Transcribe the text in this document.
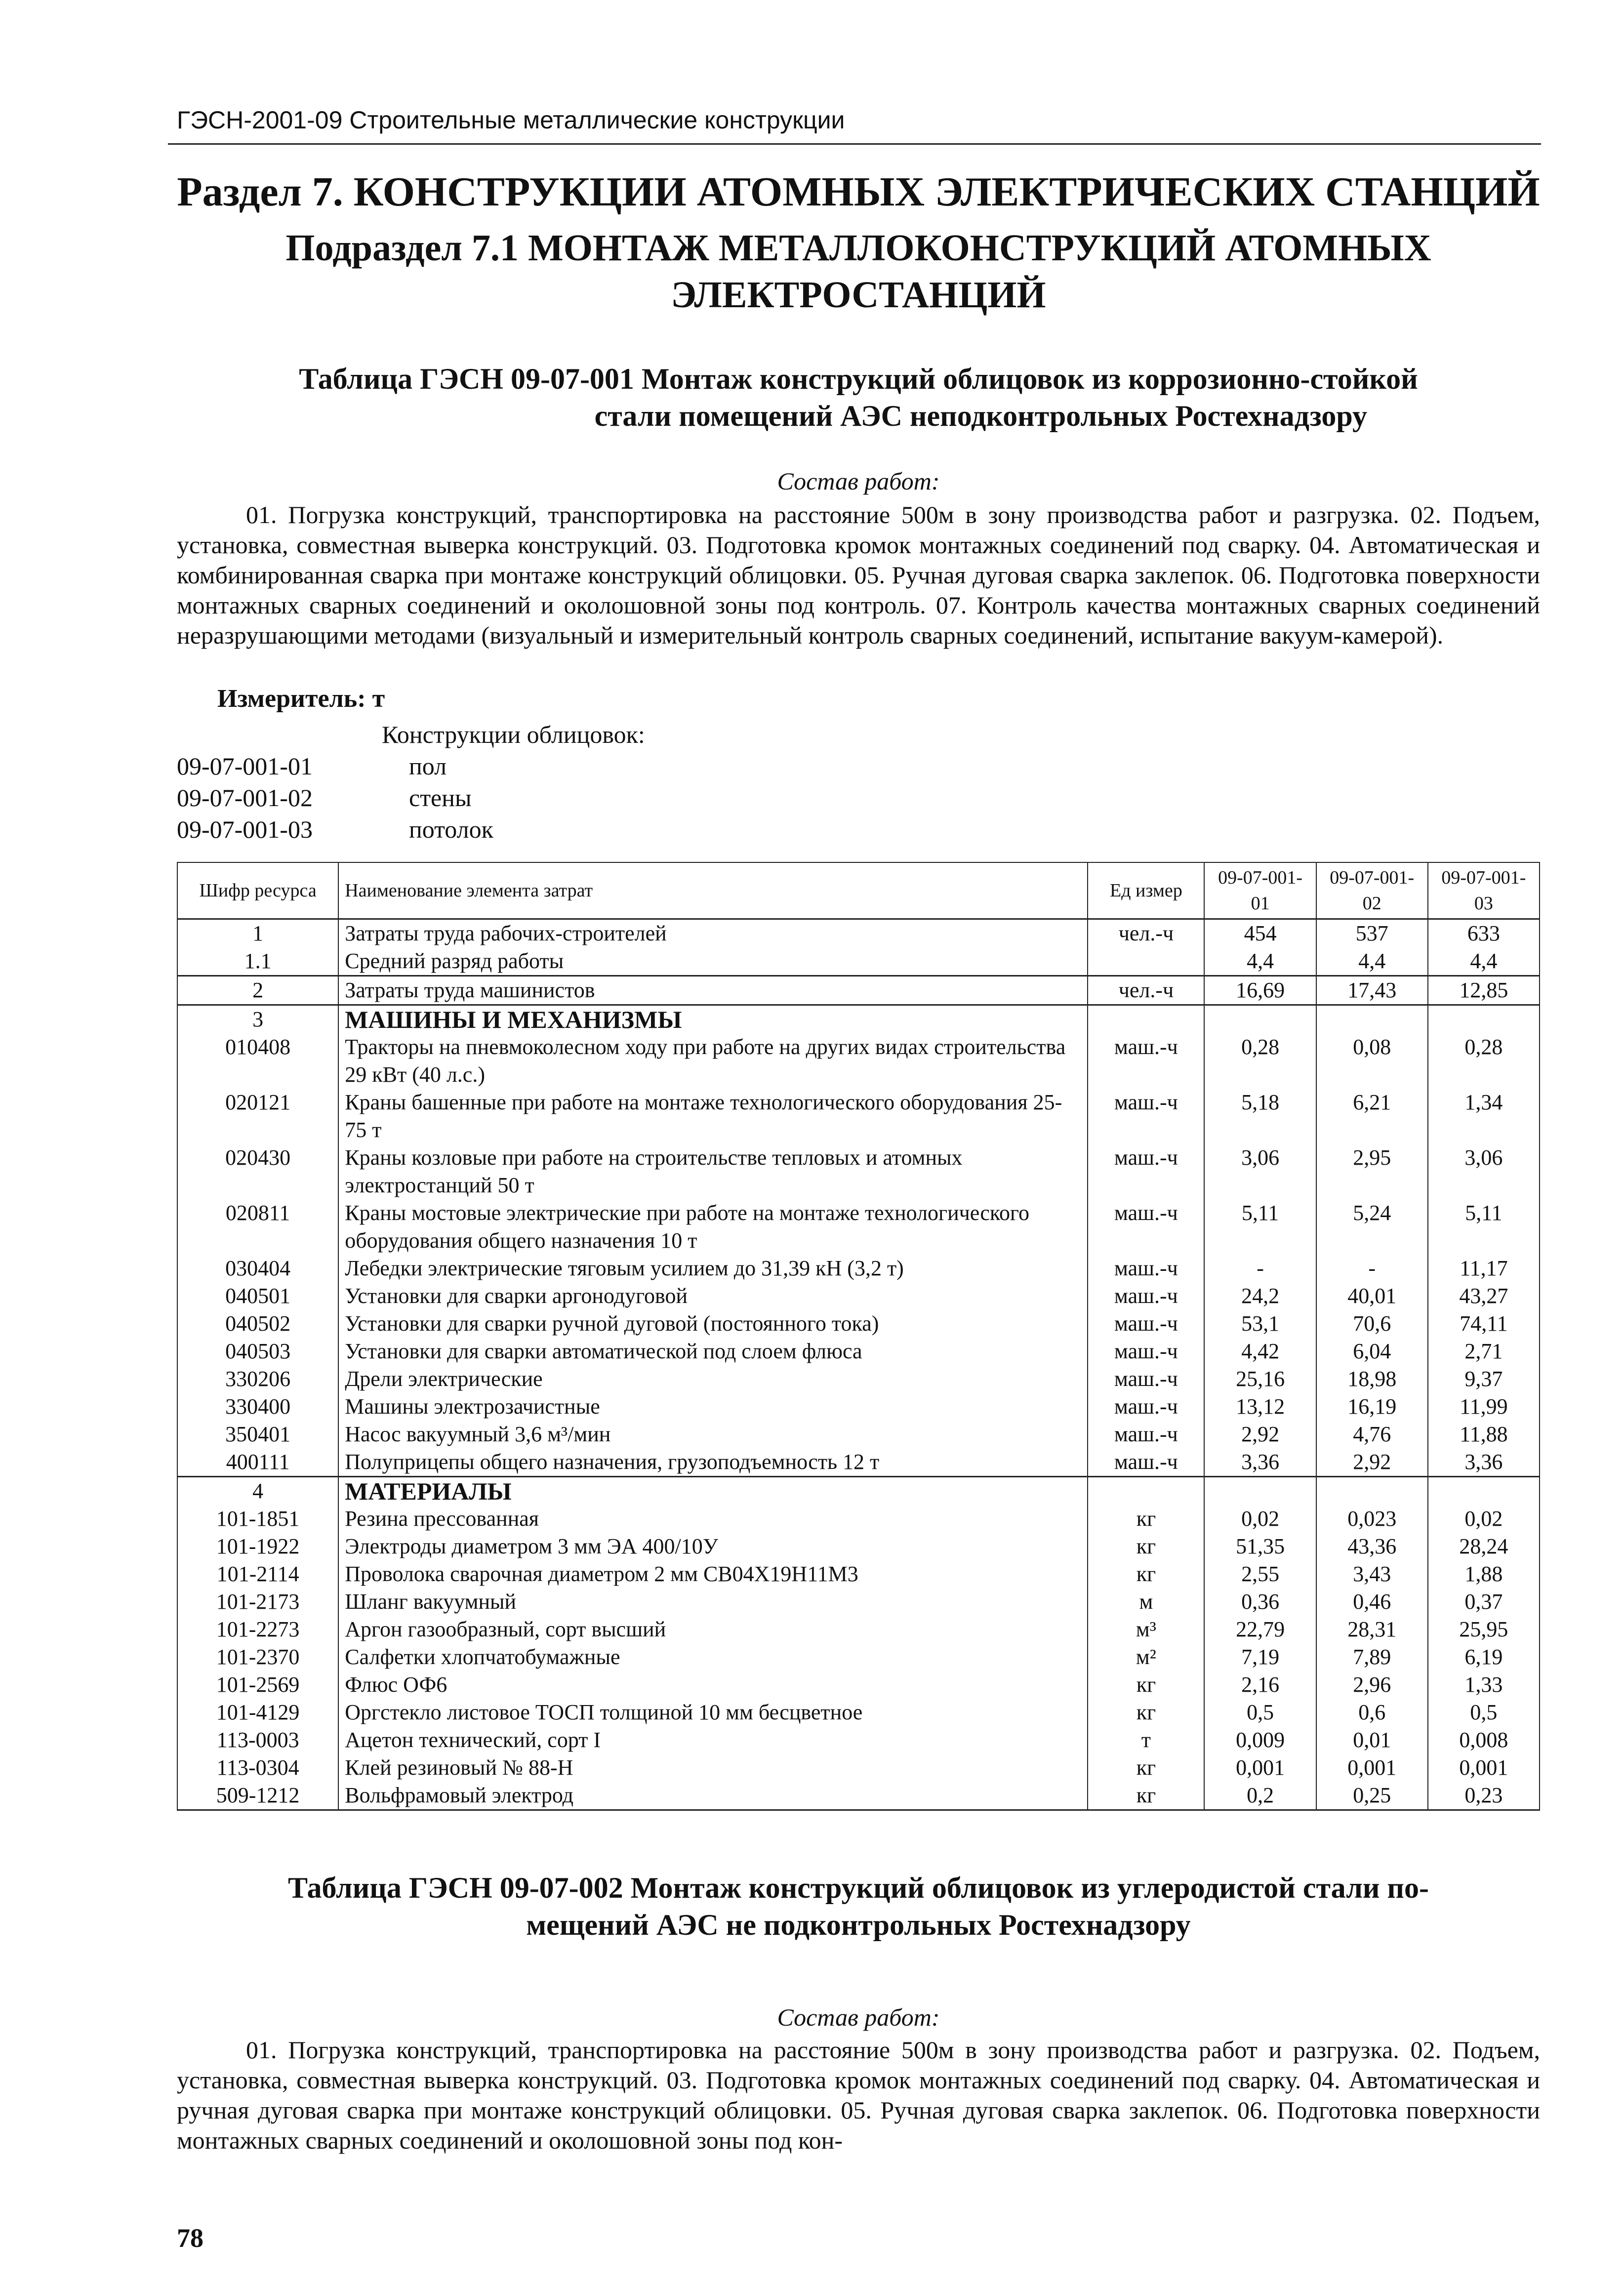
ГЭСН-2001-09 Строительные металлические конструкции
Раздел 7. КОНСТРУКЦИИ АТОМНЫХ ЭЛЕКТРИЧЕСКИХ СТАНЦИЙ
Подраздел 7.1 МОНТАЖ МЕТАЛЛОКОНСТРУКЦИЙ АТОМНЫХ
ЭЛЕКТРОСТАНЦИЙ

Таблица ГЭСН 09-07-001 Монтаж конструкций облицовок из коррозионно-стойкой

стали помещений АЭС неподконтрольных Ростехнадзору

Состав работ:

01. Погрузка конструкций, транспортировка на расстояние 500м в зону производства работ и разгрузка. 02. Подъем, установка, совместная выверка конструкций. 03. Подготовка кромок монтажных соединений под сварку. 04. Автоматическая и комбинированная сварка при монтаже конструкций облицовки. 05. Ручная дуговая сварка заклепок. 06. Подготовка поверхности монтажных сварных соединений и околошовной зоны под контроль. 07. Контроль качества монтажных сварных соединений неразрушающими методами (визуальный и измерительный контроль сварных соединений, испытание вакуум-камерой).

Измеритель: т
Конструкции облицовок:
09-07-001-01	пол
09-07-001-02	стены
09-07-001-03	потолок
Шифр ресурса	Наименование элемента затрат	Ед измер	09-07-001-01	09-07-001-02	09-07-001-03
1	Затраты труда рабочих-строителей	чел.-ч	454	537	633
1.1	Средний разряд работы		4,4	4,4	4,4
2	Затраты труда машинистов	чел.-ч	16,69	17,43	12,85
3	МАШИНЫ И МЕХАНИЗМЫ				
010408	Тракторы на пневмоколесном ходу при работе на других видах строительства 29 кВт (40 л.с.)	маш.-ч	0,28	0,08	0,28
020121	Краны башенные при работе на монтаже технологического оборудования 25-75 т	маш.-ч	5,18	6,21	1,34
020430	Краны козловые при работе на строительстве тепловых и атомных электростанций 50 т	маш.-ч	3,06	2,95	3,06
020811	Краны мостовые электрические при работе на монтаже технологического оборудования общего назначения 10 т	маш.-ч	5,11	5,24	5,11
030404	Лебедки электрические тяговым усилием до 31,39 кН (3,2 т)	маш.-ч	-	-	11,17
040501	Установки для сварки аргонодуговой	маш.-ч	24,2	40,01	43,27
040502	Установки для сварки ручной дуговой (постоянного тока)	маш.-ч	53,1	70,6	74,11
040503	Установки для сварки автоматической под слоем флюса	маш.-ч	4,42	6,04	2,71
330206	Дрели электрические	маш.-ч	25,16	18,98	9,37
330400	Машины электрозачистные	маш.-ч	13,12	16,19	11,99
350401	Насос вакуумный 3,6 м³/мин	маш.-ч	2,92	4,76	11,88
400111	Полуприцепы общего назначения, грузоподъемность 12 т	маш.-ч	3,36	2,92	3,36
4	МАТЕРИАЛЫ				
101-1851	Резина прессованная	кг	0,02	0,023	0,02
101-1922	Электроды диаметром 3 мм ЭА 400/10У	кг	51,35	43,36	28,24
101-2114	Проволока сварочная диаметром 2 мм СВ04Х19Н11М3	кг	2,55	3,43	1,88
101-2173	Шланг вакуумный	м	0,36	0,46	0,37
101-2273	Аргон газообразный, сорт высший	м³	22,79	28,31	25,95
101-2370	Салфетки хлопчатобумажные	м²	7,19	7,89	6,19
101-2569	Флюс ОФ6	кг	2,16	2,96	1,33
101-4129	Оргстекло листовое ТОСП толщиной 10 мм бесцветное	кг	0,5	0,6	0,5
113-0003	Ацетон технический, сорт I	т	0,009	0,01	0,008
113-0304	Клей резиновый № 88-Н	кг	0,001	0,001	0,001
509-1212	Вольфрамовый электрод	кг	0,2	0,25	0,23

Таблица ГЭСН 09-07-002 Монтаж конструкций облицовок из углеродистой стали по-

мещений АЭС не подконтрольных Ростехнадзору

Состав работ:

01. Погрузка конструкций, транспортировка на расстояние 500м в зону производства работ и разгрузка. 02. Подъем, установка, совместная выверка конструкций. 03. Подготовка кромок монтажных соединений под сварку. 04. Автоматическая и ручная дуговая сварка при монтаже конструкций облицовки. 05. Ручная дуговая сварка заклепок. 06. Подготовка поверхности монтажных сварных соединений и околошовной зоны под кон-

78
